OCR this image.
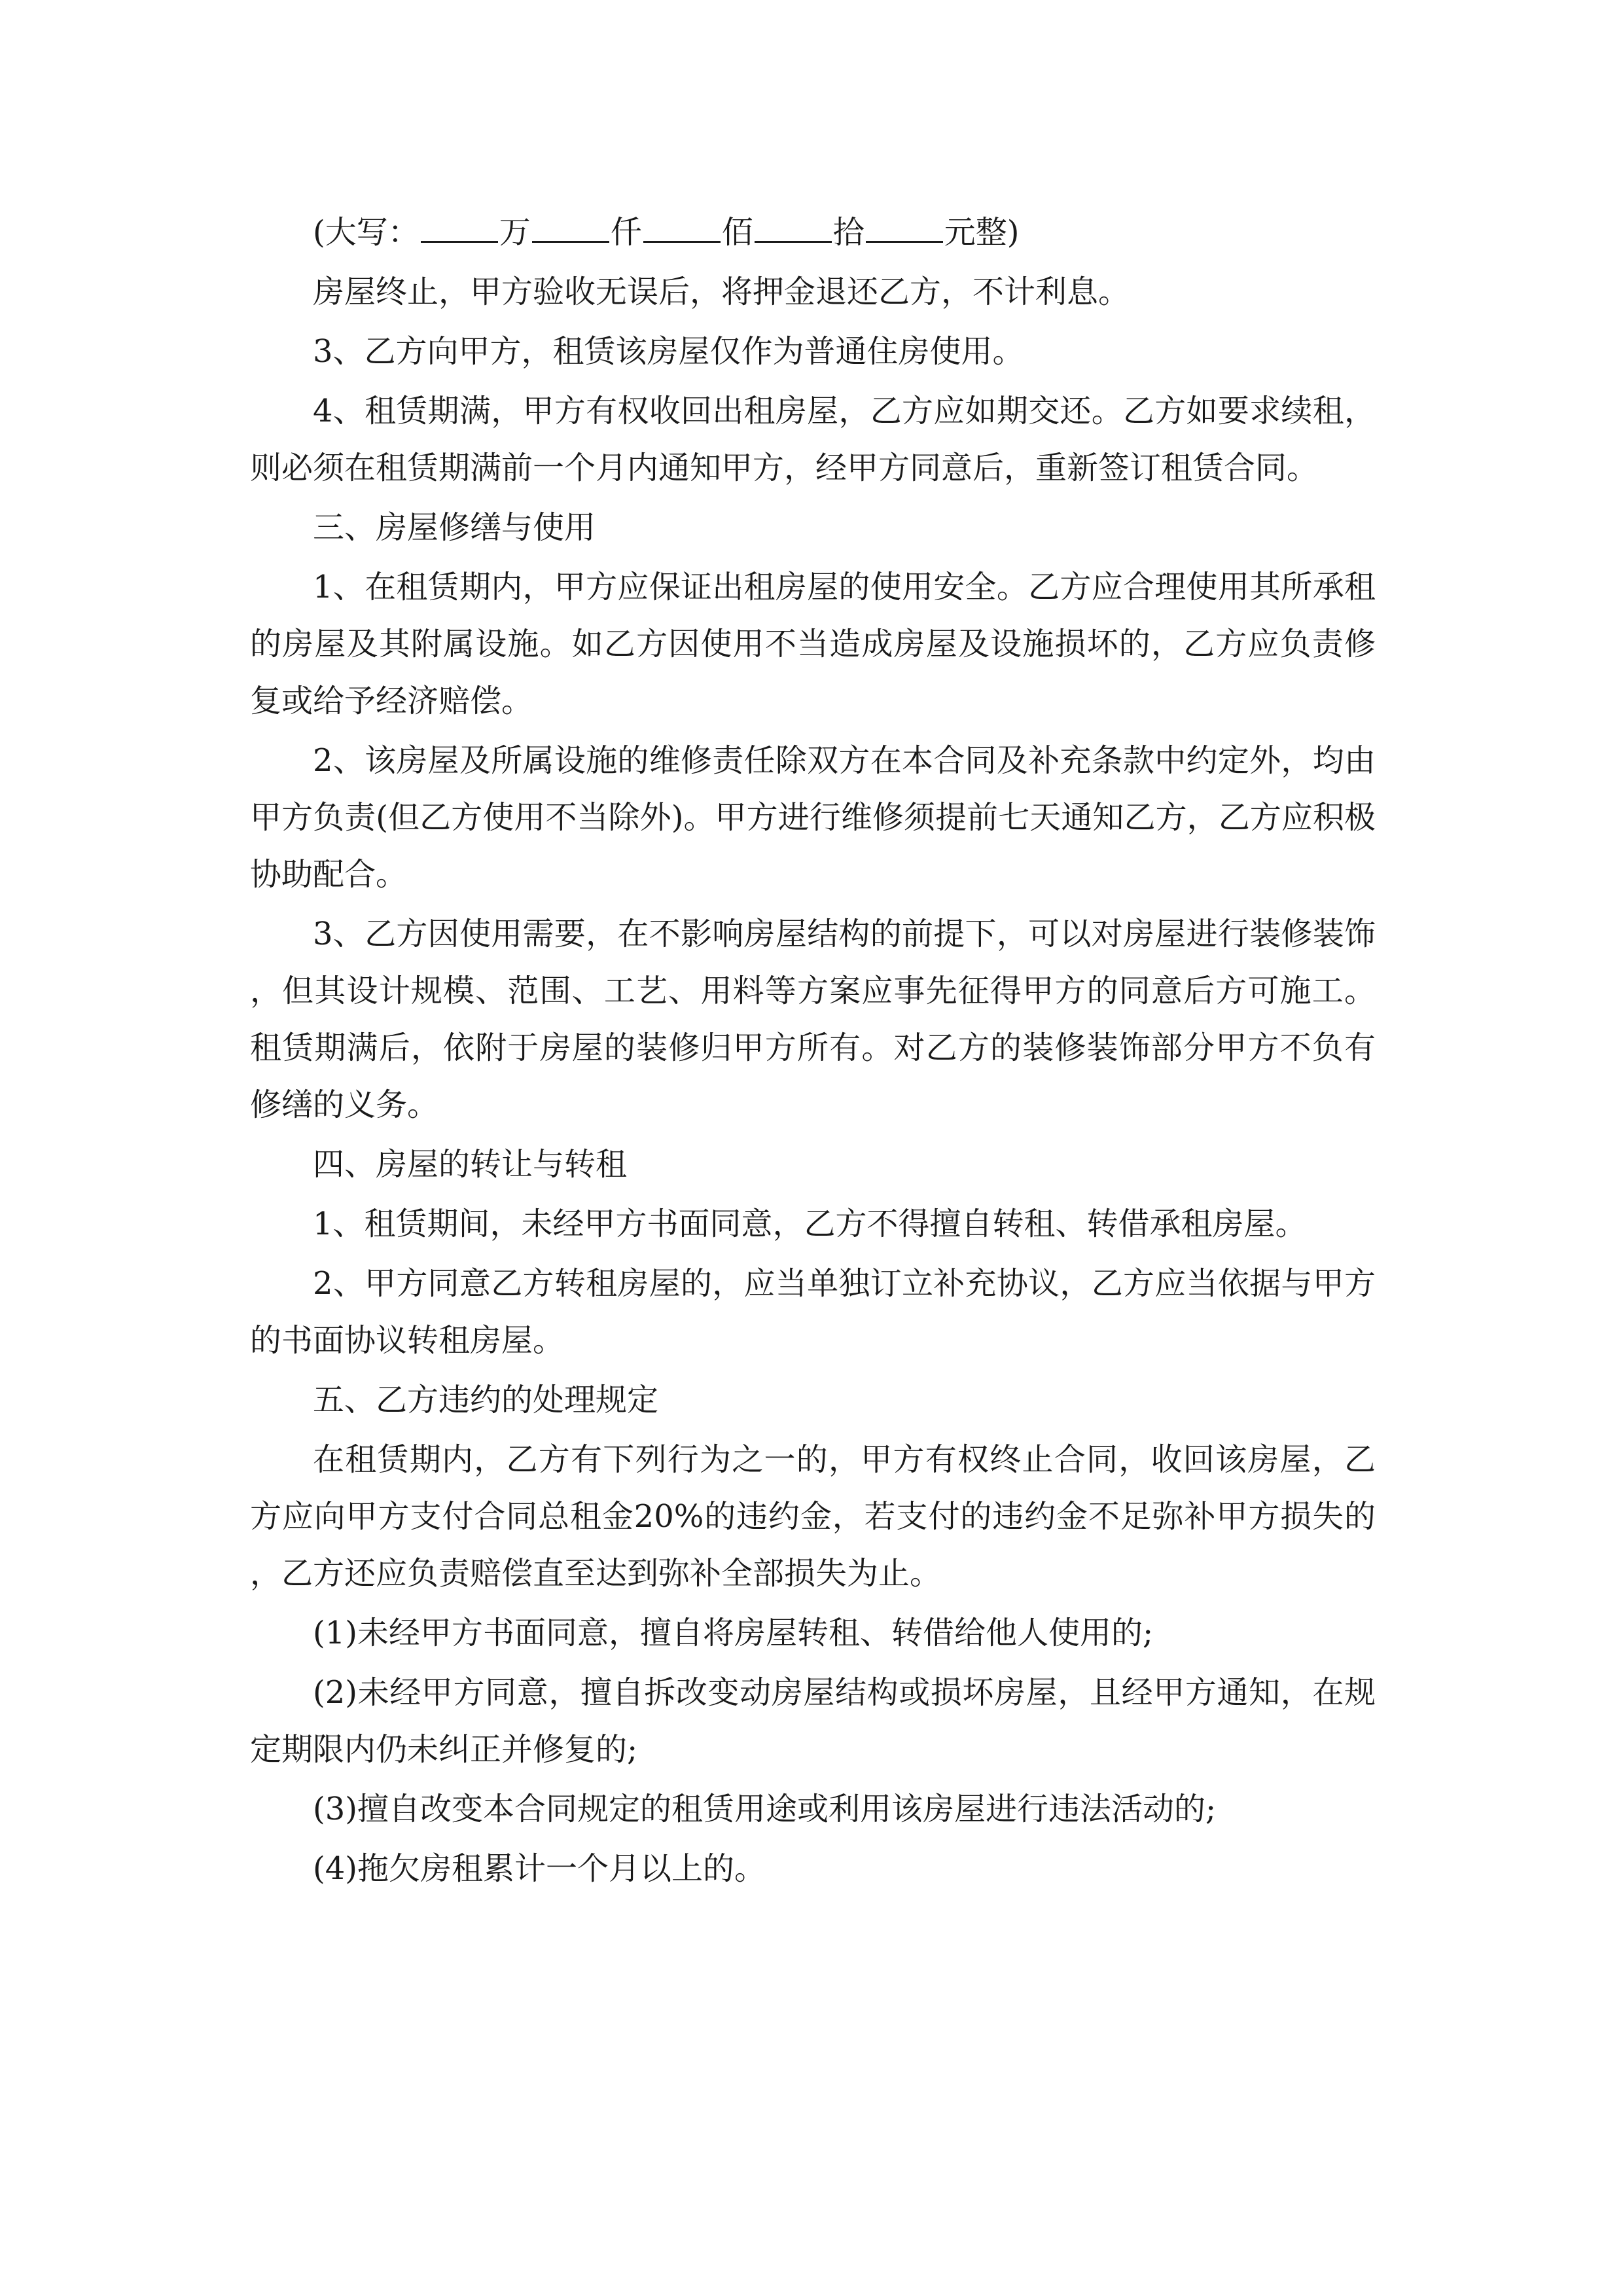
(大写：	万	仟	佰	拾	元整)

房屋终止，甲方验收无误后，将押金退还乙方，不计利息。

3、乙方向甲方，租赁该房屋仅作为普通住房使用。

4、租赁期满，甲方有权收回出租房屋，乙方应如期交还。乙方如要求续租，则必须在租赁期满前一个月内通知甲方，经甲方同意后，重新签订租赁合同。

三、房屋修缮与使用

1、在租赁期内，甲方应保证出租房屋的使用安全。乙方应合理使用其所承租的房屋及其附属设施。如乙方因使用不当造成房屋及设施损坏的，乙方应负责修复或给予经济赔偿。

2、该房屋及所属设施的维修责任除双方在本合同及补充条款中约定外，均由甲方负责(但乙方使用不当除外)。甲方进行维修须提前七天通知乙方，乙方应积极协助配合。

3、乙方因使用需要，在不影响房屋结构的前提下，可以对房屋进行装修装饰，但其设计规模、范围、工艺、用料等方案应事先征得甲方的同意后方可施工。租赁期满后，依附于房屋的装修归甲方所有。对乙方的装修装饰部分甲方不负有修缮的义务。

四、房屋的转让与转租

1、租赁期间，未经甲方书面同意，乙方不得擅自转租、转借承租房屋。

2、甲方同意乙方转租房屋的，应当单独订立补充协议，乙方应当依据与甲方的书面协议转租房屋。

五、乙方违约的处理规定

在租赁期内，乙方有下列行为之一的，甲方有权终止合同，收回该房屋，乙方应向甲方支付合同总租金20%的违约金，若支付的违约金不足弥补甲方损失的，乙方还应负责赔偿直至达到弥补全部损失为止。

(1)未经甲方书面同意，擅自将房屋转租、转借给他人使用的;

(2)未经甲方同意，擅自拆改变动房屋结构或损坏房屋，且经甲方通知，在规定期限内仍未纠正并修复的;

(3)擅自改变本合同规定的租赁用途或利用该房屋进行违法活动的;

(4)拖欠房租累计一个月以上的。
